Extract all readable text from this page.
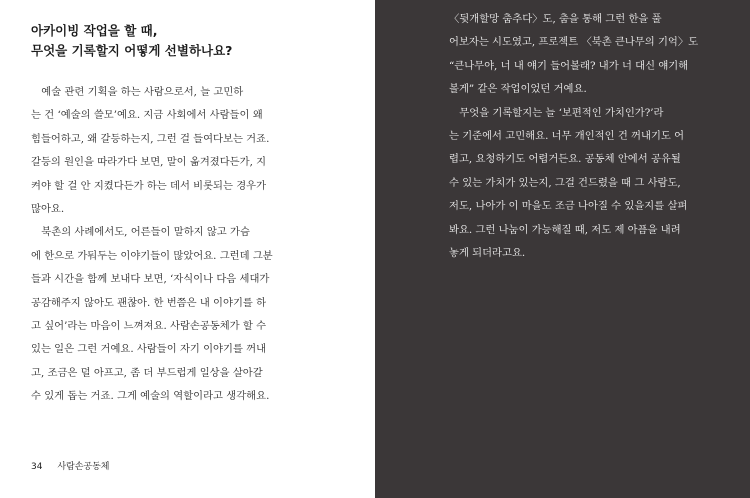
아카이빙 작업을 할 때,
무엇을 기록할지 어떻게 선별하나요?
　예술 관련 기획을 하는 사람으로서, 늘 고민하
는 건 ‘예술의 쓸모’예요. 지금 사회에서 사람들이 왜
힘들어하고, 왜 갈등하는지, 그런 걸 들여다보는 거죠.
갈등의 원인을 따라가다 보면, 말이 옮겨졌다든가, 지
켜야 할 걸 안 지켰다든가 하는 데서 비롯되는 경우가
많아요.
　북촌의 사례에서도, 어른들이 말하지 않고 가슴
에 한으로 가둬두는 이야기들이 많았어요. 그런데 그분
들과 시간을 함께 보내다 보면, ‘자식이나 다음 세대가
공감해주지 않아도 괜찮아. 한 번쯤은 내 이야기를 하
고 싶어’라는 마음이 느껴져요. 사람손공동체가 할 수
있는 일은 그런 거예요. 사람들이 자기 이야기를 꺼내
고, 조금은 덜 아프고, 좀 더 부드럽게 일상을 살아갈
수 있게 돕는 거죠. 그게 예술의 역할이라고 생각해요.
34 사람손공동체
〈뒷개할망 춤추다〉도, 춤을 통해 그런 한을 풀
어보자는 시도였고, 프로젝트 〈북촌 큰나무의 기억〉도
“큰나무야, 너 내 얘기 들어볼래? 내가 너 대신 얘기해
볼게” 같은 작업이었던 거예요.
　무엇을 기록할지는 늘 ‘보편적인 가치인가?’라
는 기준에서 고민해요. 너무 개인적인 건 꺼내기도 어
렵고, 요청하기도 어렵거든요. 공동체 안에서 공유될
수 있는 가치가 있는지, 그걸 건드렸을 때 그 사람도,
저도, 나아가 이 마을도 조금 나아질 수 있을지를 살펴
봐요. 그런 나눔이 가능해질 때, 저도 제 아픔을 내려
놓게 되더라고요.
